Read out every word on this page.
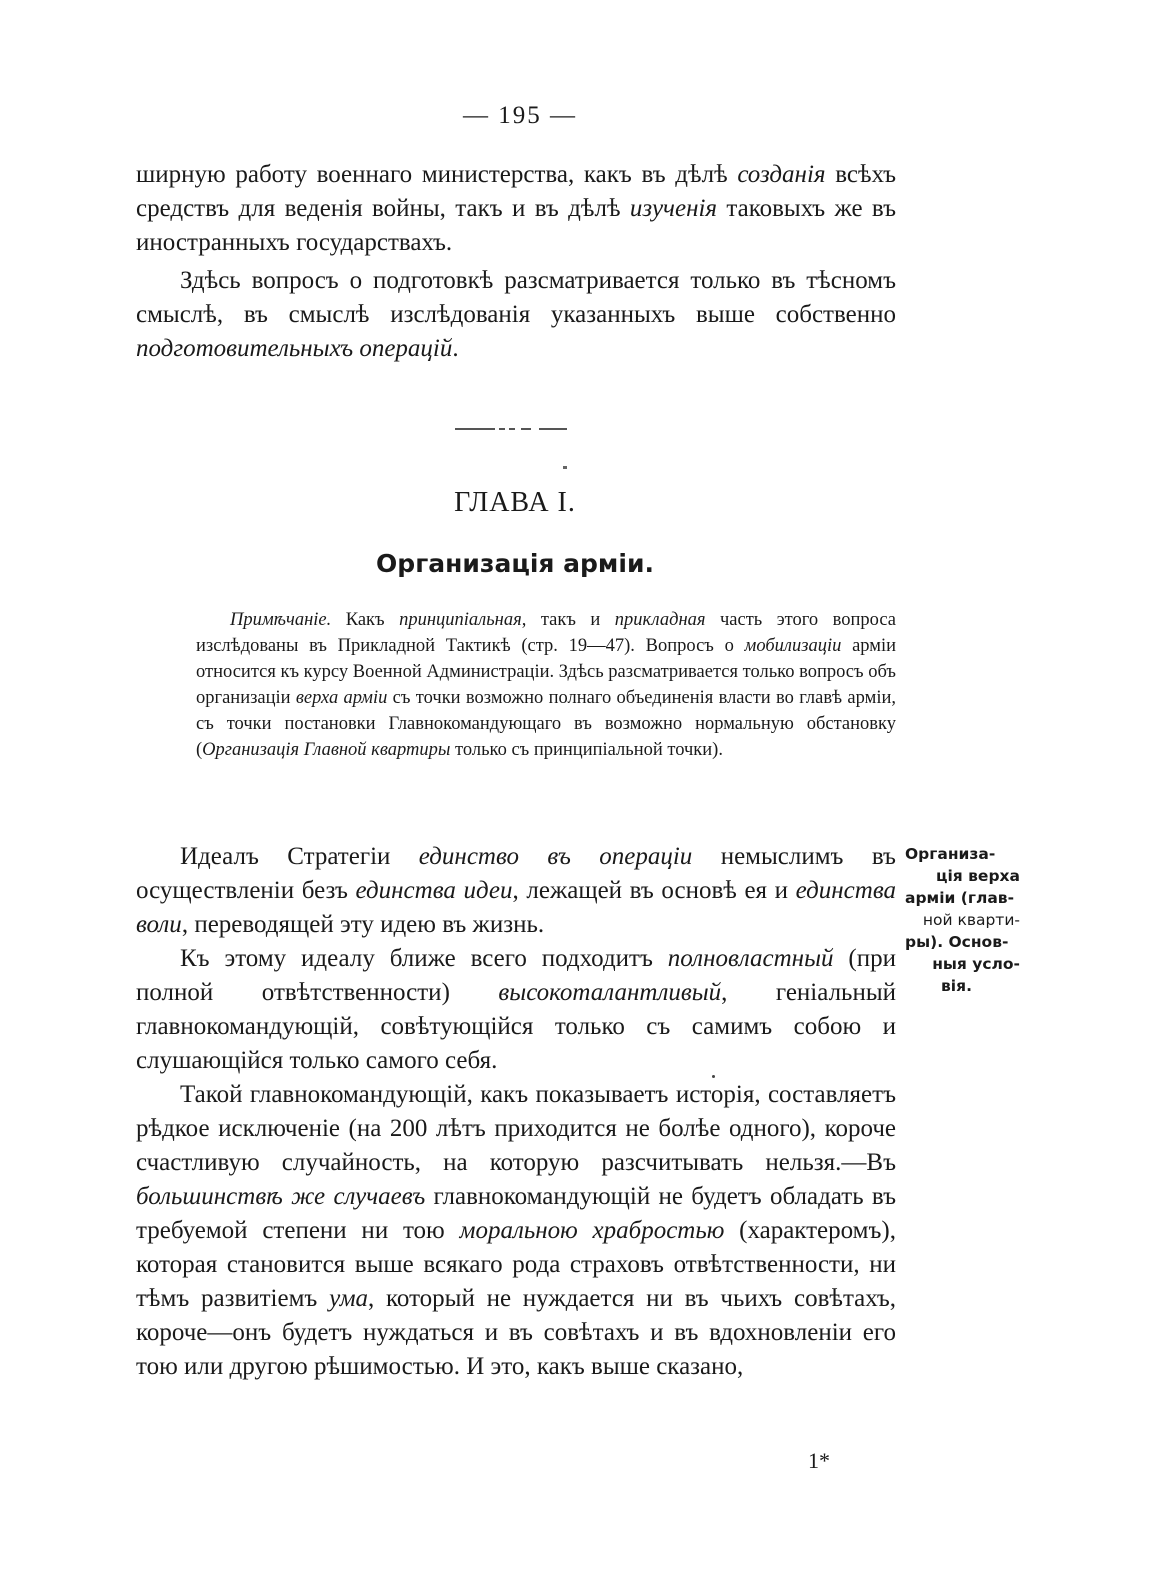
— 195 —

ширную работу военнаго министерства, какъ въ дѣлѣ созданія всѣхъ средствъ для веденія войны, такъ и въ дѣлѣ изученія таковыхъ же въ иностранныхъ государствахъ.

Здѣсь вопросъ о подготовкѣ разсматривается только въ тѣсномъ смыслѣ, въ смыслѣ изслѣдованія указанныхъ выше собственно подготовительныхъ операцій.

ГЛАВА I.
Организація арміи.
Примѣчаніе. Какъ принципіальная, такъ и прикладная часть этого вопроса изслѣдованы въ Прикладной Тактикѣ (стр. 19—47). Вопросъ о мобилизаціи арміи относится къ курсу Военной Администраціи. Здѣсь разсматривается только вопросъ объ организаціи верха арміи съ точки возможно полнаго объединенія власти во главѣ арміи, съ точки постановки Главнокомандующаго въ возможно нормальную обстановку (Организація Главной квартиры только съ принципіальной точки).

Идеалъ Стратегіи единство въ операціи немыслимъ въ осуществленіи безъ единства идеи, лежащей въ основѣ ея и единства воли, переводящей эту идею въ жизнь.

Къ этому идеалу ближе всего подходитъ полновластный (при полной отвѣтственности) высокоталантливый, геніальный главнокомандующій, совѣтующійся только съ самимъ собою и слушающійся только самого себя.

Такой главнокомандующій, какъ показываетъ исторія, составляетъ рѣдкое исключеніе (на 200 лѣтъ приходится не болѣе одного), короче счастливую случайность, на которую разсчитывать нельзя.—Въ большинствѣ же случаевъ главнокомандующій не будетъ обладать въ требуемой степени ни тою моральною храбростью (характеромъ), которая становится выше всякаго рода страховъ отвѣтственности, ни тѣмъ развитіемъ ума, который не нуждается ни въ чьихъ совѣтахъ, короче—онъ будетъ нуждаться и въ совѣтахъ и въ вдохновленіи его тою или другою рѣшимостью. И это, какъ выше сказано,

Организа-
ція верха
арміи (глав-
ной кварти-
ры). Основ-
ныя усло-
вія.
1*
